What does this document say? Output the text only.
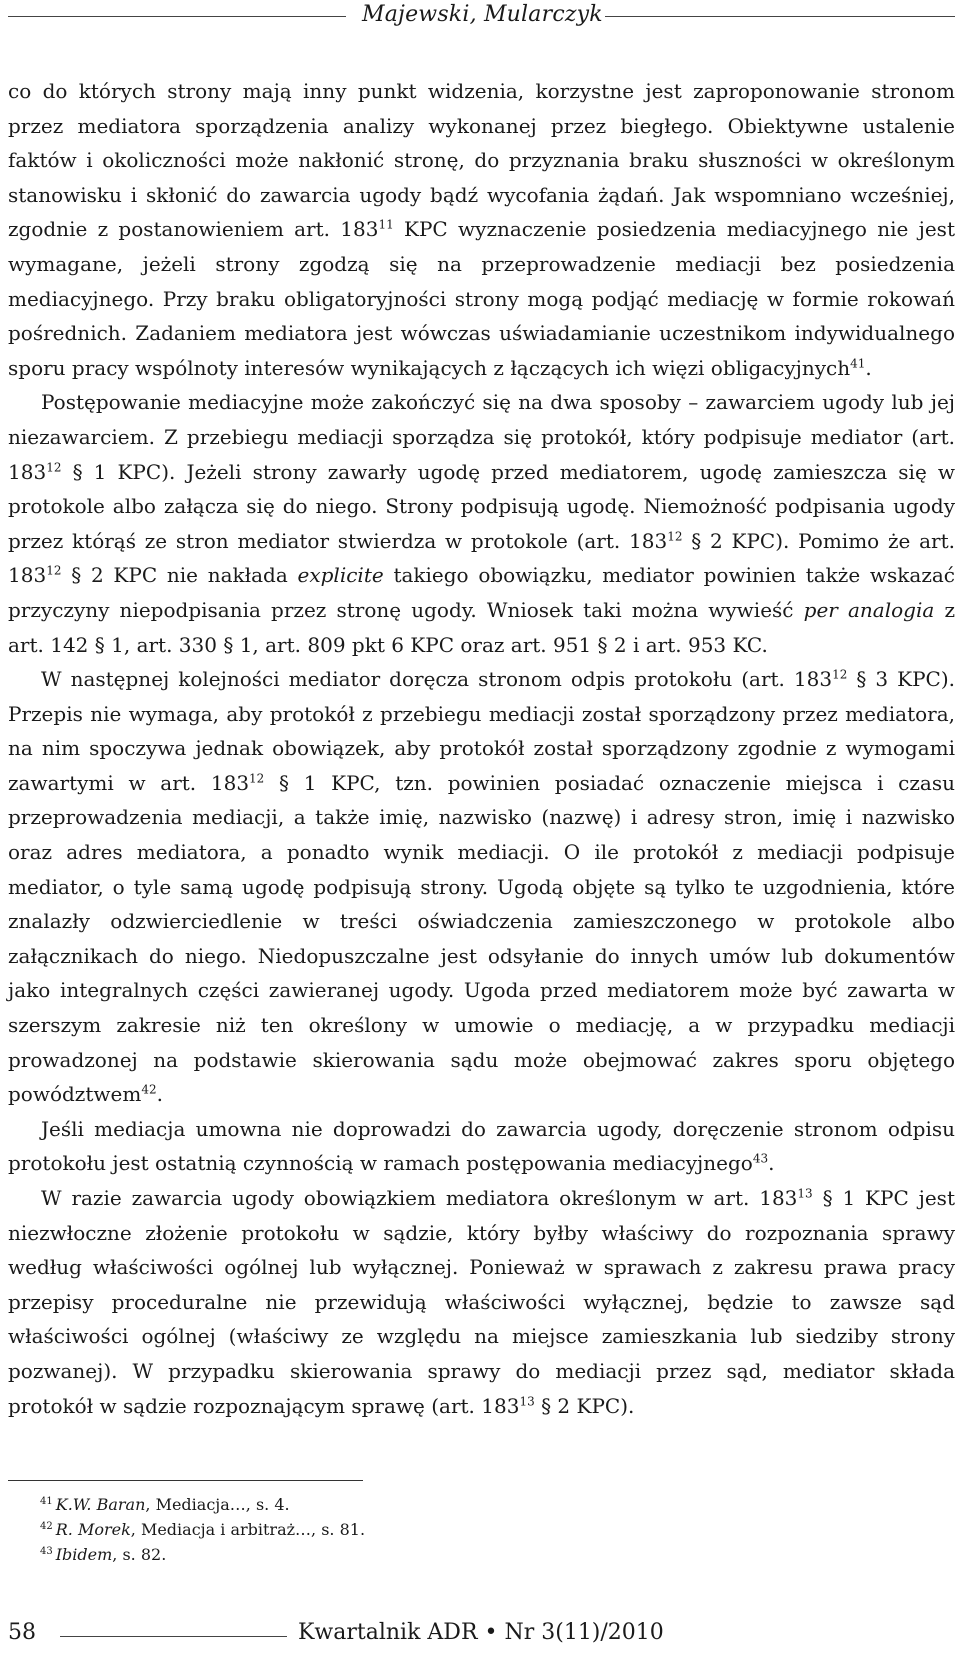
Majewski, Mularczyk

co do których strony mają inny punkt widzenia, korzystne jest zaproponowanie stronom przez mediatora sporządzenia analizy wykonanej przez biegłego. Obiektywne ustalenie faktów i okoliczności może nakłonić stronę, do przyznania braku słuszności w określonym stanowisku i skłonić do zawarcia ugody bądź wycofania żądań. Jak wspomniano wcześniej, zgodnie z postanowieniem art. $183^{11}$ KPC wyznaczenie posiedzenia mediacyjnego nie jest wymagane, jeżeli strony zgodzą się na przeprowadzenie mediacji bez posiedzenia mediacyjnego. Przy braku obligatoryjności strony mogą podjąć mediację w formie rokowań pośrednich. Zadaniem mediatora jest wówczas uświadamianie uczestnikom indywidualnego sporu pracy wspólnoty interesów wynikających z łączących ich więzi obligacyjnych$^{41}$.

Postępowanie mediacyjne może zakończyć się na dwa sposoby – zawarciem ugody lub jej niezawarciem. Z przebiegu mediacji sporządza się protokół, który podpisuje mediator (art. $183^{12}$ § 1 KPC). Jeżeli strony zawarły ugodę przed mediatorem, ugodę zamieszcza się w protokole albo załącza się do niego. Strony podpisują ugodę. Niemożność podpisania ugody przez którąś ze stron mediator stwierdza w protokole (art. $183^{12}$ § 2 KPC). Pomimo że art. $183^{12}$ § 2 KPC nie nakłada explicite takiego obowiązku, mediator powinien także wskazać przyczyny niepodpisania przez stronę ugody. Wniosek taki można wywieść per analogia z art. 142 § 1, art. 330 § 1, art. 809 pkt 6 KPC oraz art. 951 § 2 i art. 953 KC.

W następnej kolejności mediator doręcza stronom odpis protokołu (art. $183^{12}$ § 3 KPC). Przepis nie wymaga, aby protokół z przebiegu mediacji został sporządzony przez mediatora, na nim spoczywa jednak obowiązek, aby protokół został sporządzony zgodnie z wymogami zawartymi w art. $183^{12}$ § 1 KPC, tzn. powinien posiadać oznaczenie miejsca i czasu przeprowadzenia mediacji, a także imię, nazwisko (nazwę) i adresy stron, imię i nazwisko oraz adres mediatora, a ponadto wynik mediacji. O ile protokół z mediacji podpisuje mediator, o tyle samą ugodę podpisują strony. Ugodą objęte są tylko te uzgodnienia, które znalazły odzwierciedlenie w treści oświadczenia zamieszczonego w protokole albo załącznikach do niego. Niedopuszczalne jest odsyłanie do innych umów lub dokumentów jako integralnych części zawieranej ugody. Ugoda przed mediatorem może być zawarta w szerszym zakresie niż ten określony w umowie o mediację, a w przypadku mediacji prowadzonej na podstawie skierowania sądu może obejmować zakres sporu objętego powództwem$^{42}$.

Jeśli mediacja umowna nie doprowadzi do zawarcia ugody, doręczenie stronom odpisu protokołu jest ostatnią czynnością w ramach postępowania mediacyjnego$^{43}$.

W razie zawarcia ugody obowiązkiem mediatora określonym w art. $183^{13}$ § 1 KPC jest niezwłoczne złożenie protokołu w sądzie, który byłby właściwy do rozpoznania sprawy według właściwości ogólnej lub wyłącznej. Ponieważ w sprawach z zakresu prawa pracy przepisy proceduralne nie przewidują właściwości wyłącznej, będzie to zawsze sąd właściwości ogólnej (właściwy ze względu na miejsce zamieszkania lub siedziby strony pozwanej). W przypadku skierowania sprawy do mediacji przez sąd, mediator składa protokół w sądzie rozpoznającym sprawę (art. $183^{13}$ § 2 KPC).

$^{41}$ K.W. Baran, Mediacja…, s. 4.
$^{42}$ R. Morek, Mediacja i arbitraż…, s. 81.
$^{43}$ Ibidem, s. 82.
58	Kwartalnik ADR • Nr 3(11)/2010
